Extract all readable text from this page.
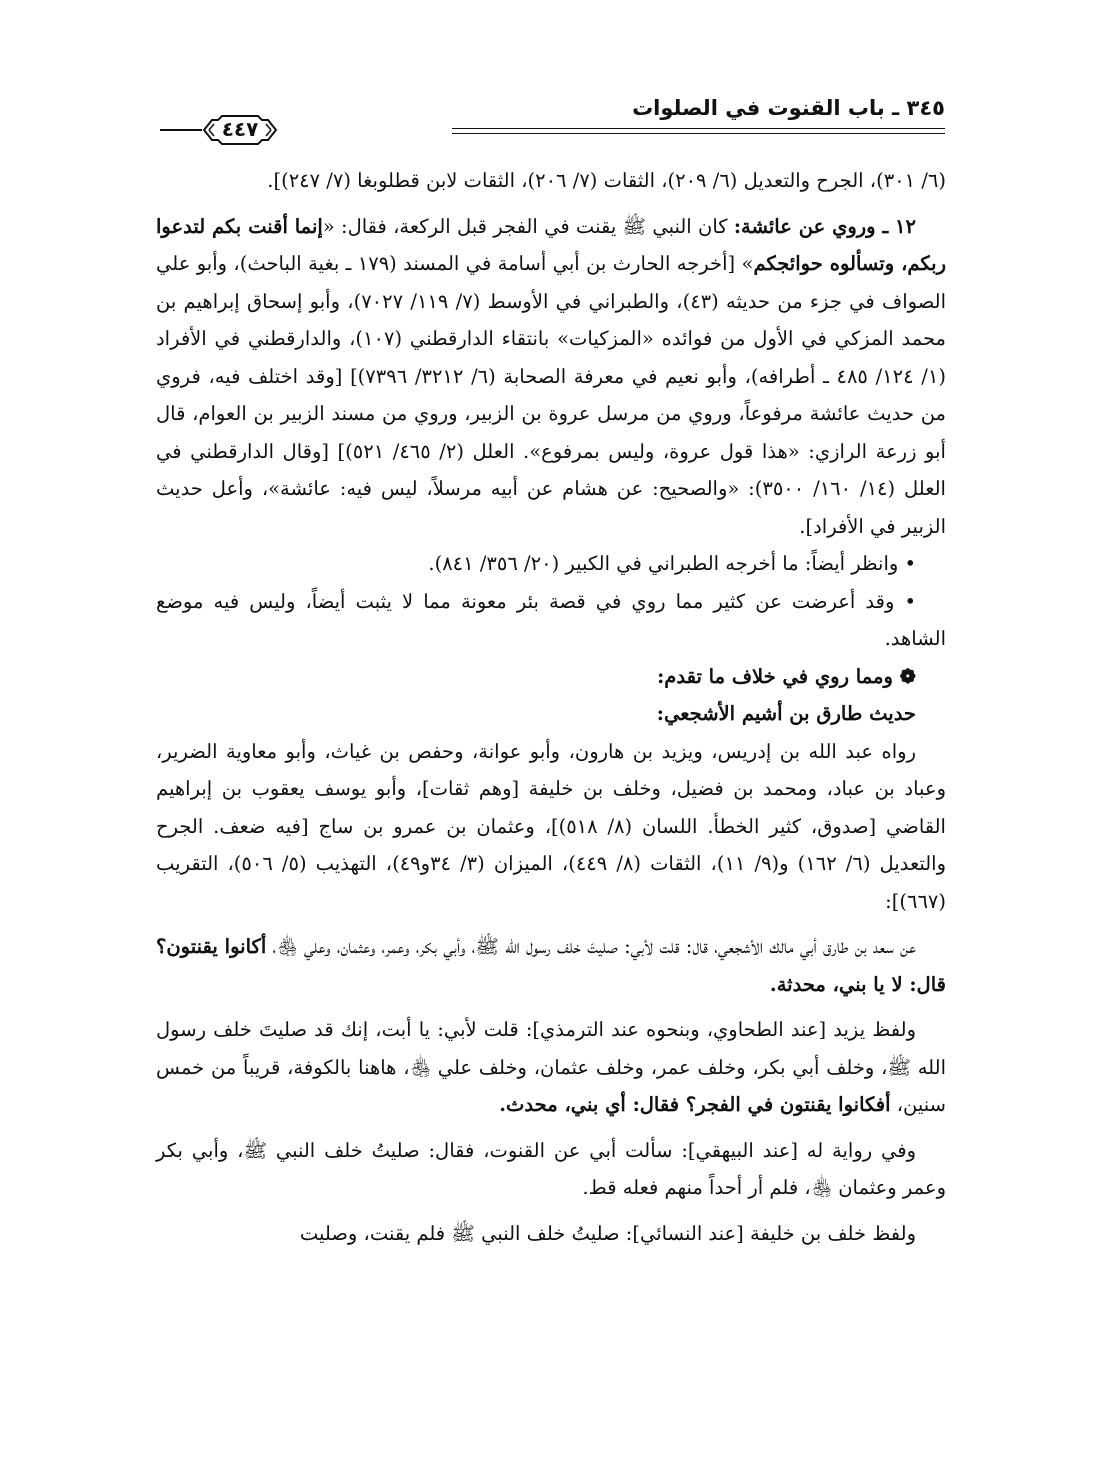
٣٤٥ ـ باب القنوت في الصلوات
٤٤٧

(٦/ ٣٠١)، الجرح والتعديل (٦/ ٢٠٩)، الثقات (٧/ ٢٠٦)، الثقات لابن قطلوبغا (٧/ ٢٤٧)].

١٢ ـ وروي عن عائشة: كان النبي ﷺ يقنت في الفجر قبل الركعة، فقال: «إنما أقنت بكم لتدعوا ربكم، وتسألوه حوائجكم» [أخرجه الحارث بن أبي أسامة في المسند (١٧٩ ـ بغية الباحث)، وأبو علي الصواف في جزء من حديثه (٤٣)، والطبراني في الأوسط (٧/ ١١٩/ ٧٠٢٧)، وأبو إسحاق إبراهيم بن محمد المزكي في الأول من فوائده «المزكيات» بانتقاء الدارقطني (١٠٧)، والدارقطني في الأفراد (١/ ١٢٤/ ٤٨٥ ـ أطرافه)، وأبو نعيم في معرفة الصحابة (٦/ ٣٢١٢/ ٧٣٩٦)] [وقد اختلف فيه، فروي من حديث عائشة مرفوعاً، وروي من مرسل عروة بن الزبير، وروي من مسند الزبير بن العوام، قال أبو زرعة الرازي: «هذا قول عروة، وليس بمرفوع». العلل (٢/ ٤٦٥/ ٥٢١)] [وقال الدارقطني في العلل (١٤/ ١٦٠/ ٣٥٠٠): «والصحيح: عن هشام عن أبيه مرسلاً، ليس فيه: عائشة»، وأعل حديث الزبير في الأفراد].

• وانظر أيضاً: ما أخرجه الطبراني في الكبير (٢٠/ ٣٥٦/ ٨٤١).

• وقد أعرضت عن كثير مما روي في قصة بئر معونة مما لا يثبت أيضاً، وليس فيه موضع الشاهد.

❁ ومما روي في خلاف ما تقدم:

حديث طارق بن أشيم الأشجعي:

رواه عبد الله بن إدريس، ويزيد بن هارون، وأبو عوانة، وحفص بن غياث، وأبو معاوية الضرير، وعباد بن عباد، ومحمد بن فضيل، وخلف بن خليفة [وهم ثقات]، وأبو يوسف يعقوب بن إبراهيم القاضي [صدوق، كثير الخطأ. اللسان (٨/ ٥١٨)]، وعثمان بن عمرو بن ساج [فيه ضعف. الجرح والتعديل (٦/ ١٦٢) و(٩/ ١١)، الثقات (٨/ ٤٤٩)، الميزان (٣/ ٣٤و٤٩)، التهذيب (٥/ ٥٠٦)، التقريب (٦٦٧)]:

عن سعد بن طارق أبي مالك الأشجعي، قال: قلت لأبي: صليتَ خلف رسول الله ﷺ، وأبي بكر، وعمر، وعثمان، وعلي ﵃، أكانوا يقنتون؟ قال: لا يا بني، محدثة.

ولفظ يزيد [عند الطحاوي، وبنحوه عند الترمذي]: قلت لأبي: يا أبت، إنك قد صليتَ خلف رسول الله ﷺ، وخلف أبي بكر، وخلف عمر، وخلف عثمان، وخلف علي ﵃، هاهنا بالكوفة، قريباً من خمس سنين، أفكانوا يقنتون في الفجر؟ فقال: أي بني، محدث.

وفي رواية له [عند البيهقي]: سألت أبي عن القنوت، فقال: صليتُ خلف النبي ﷺ، وأبي بكر وعمر وعثمان ﵃، فلم أر أحداً منهم فعله قط.

ولفظ خلف بن خليفة [عند النسائي]: صليتُ خلف النبي ﷺ فلم يقنت، وصليت
